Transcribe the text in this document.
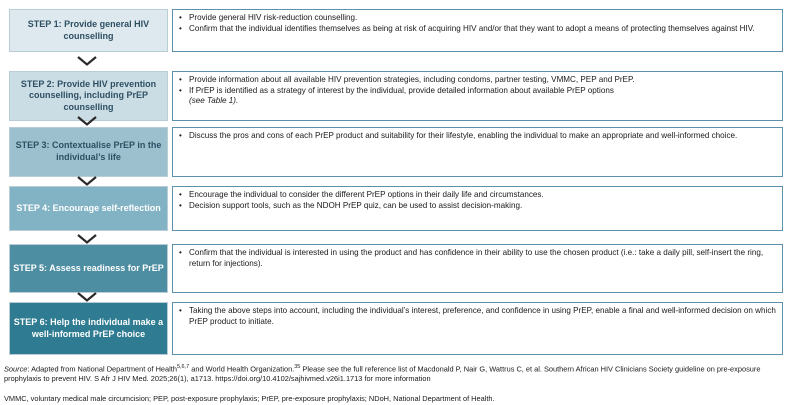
STEP 1: Provide general HIV counselling
• Provide general HIV risk-reduction counselling.
• Confirm that the individual identifies themselves as being at risk of acquiring HIV and/or that they want to adopt a means of protecting themselves against HIV.
STEP 2: Provide HIV prevention counselling, including PrEP counselling
• Provide information about all available HIV prevention strategies, including condoms, partner testing, VMMC, PEP and PrEP.
• If PrEP is identified as a strategy of interest by the individual, provide detailed information about available PrEP options
(see Table 1).
STEP 3: Contextualise PrEP in the individual’s life
• Discuss the pros and cons of each PrEP product and suitability for their lifestyle, enabling the individual to make an appropriate and well-informed choice.
STEP 4: Encourage self-reflection
• Encourage the individual to consider the different PrEP options in their daily life and circumstances.
• Decision support tools, such as the NDOH PrEP quiz, can be used to assist decision-making.
STEP 5: Assess readiness for PrEP
• Confirm that the individual is interested in using the product and has confidence in their ability to use the chosen product (i.e.: take a daily pill, self-insert the ring, return for injections).
STEP 6: Help the individual make a well-informed PrEP choice
• Taking the above steps into account, including the individual’s interest, preference, and confidence in using PrEP, enable a final and well-informed decision on which PrEP product to initiate.
Source: Adapted from National Department of Health$^{5,6,7}$ and World Health Organization.$^{35}$ Please see the full reference list of Macdonald P, Nair G, Wattrus C, et al. Southern African HIV Clinicians Society guideline on pre-exposure prophylaxis to prevent HIV. S Afr J HIV Med. 2025;26(1), a1713. https://doi.org/10.4102/sajhivmed.v26i1.1713 for more information
VMMC, voluntary medical male circumcision; PEP, post-exposure prophylaxis; PrEP, pre-exposure prophylaxis; NDoH, National Department of Health.
